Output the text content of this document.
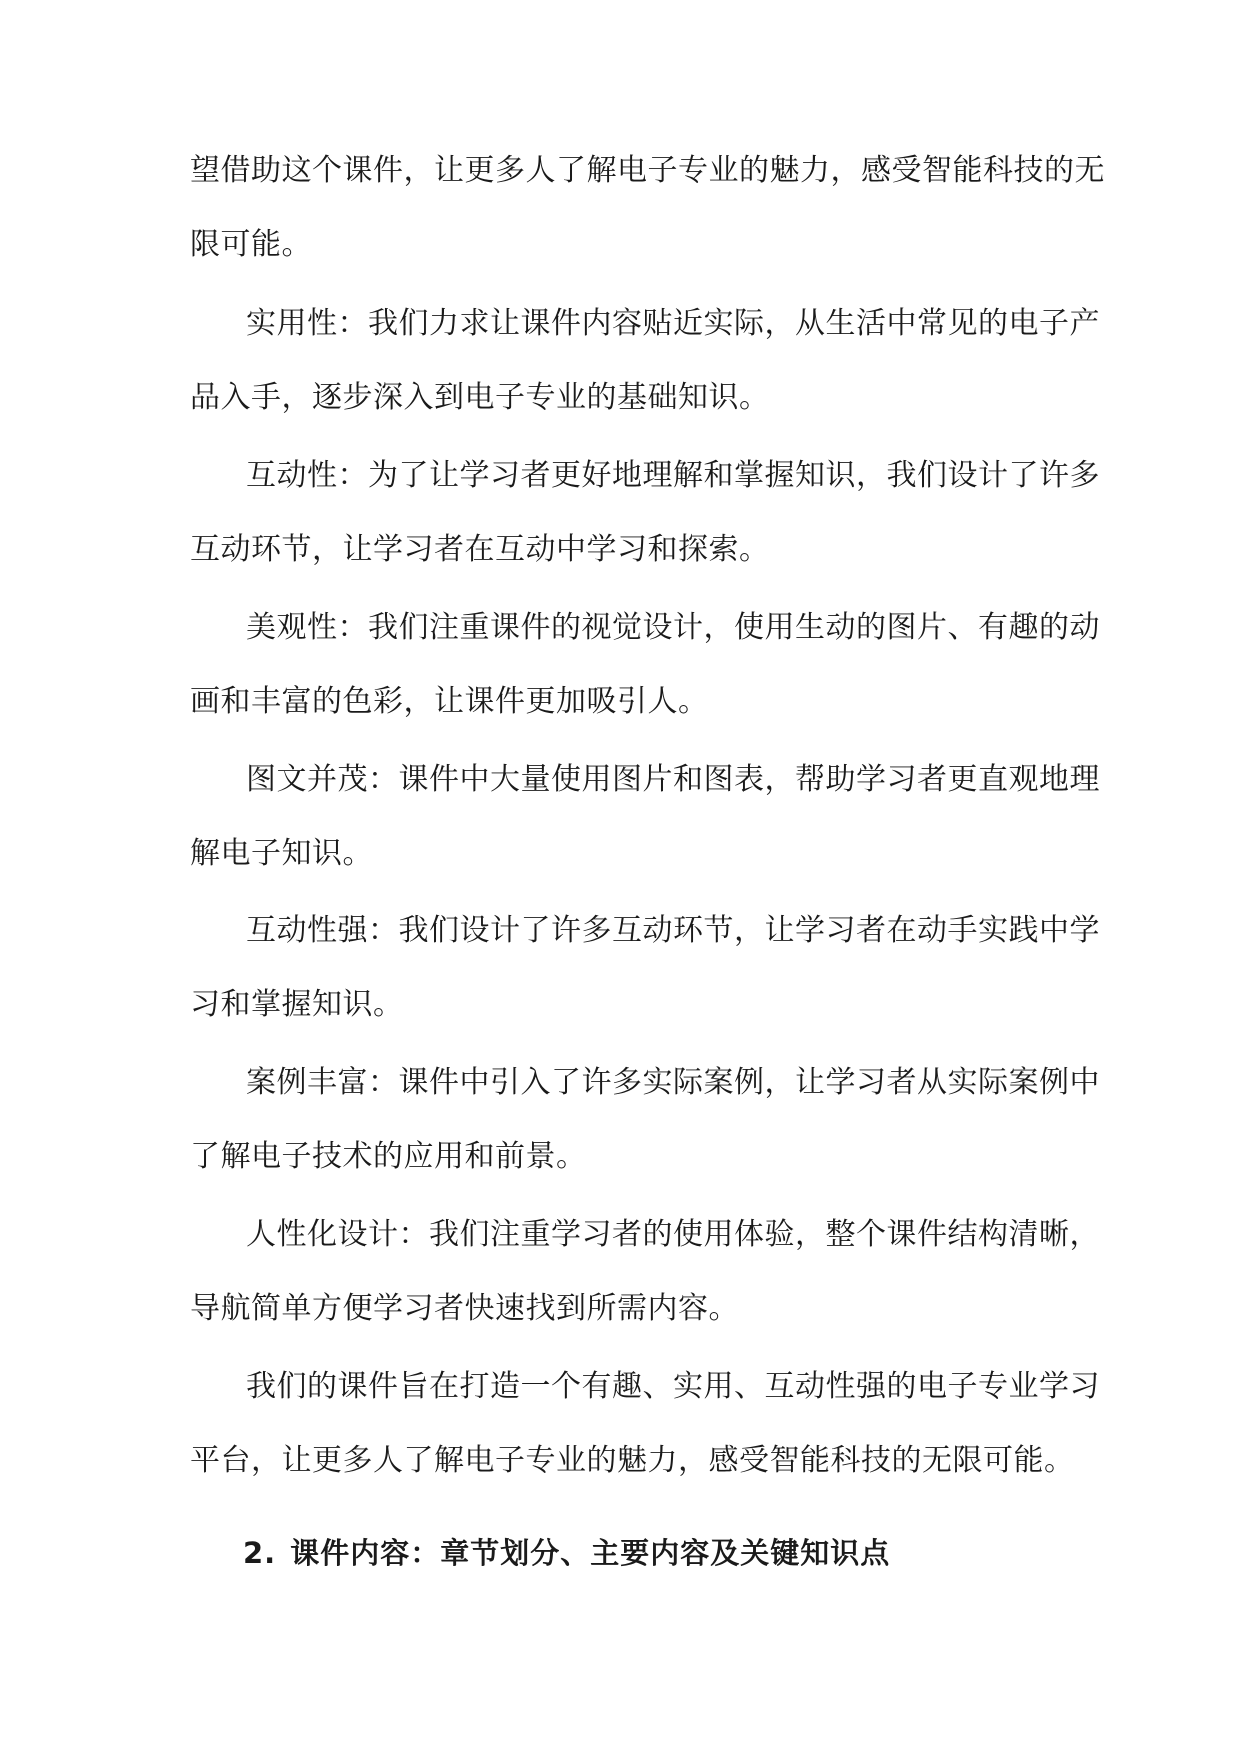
望借助这个课件，让更多人了解电子专业的魅力，感受智能科技的无
限可能。
实用性：我们力求让课件内容贴近实际，从生活中常见的电子产
品入手，逐步深入到电子专业的基础知识。
互动性：为了让学习者更好地理解和掌握知识，我们设计了许多
互动环节，让学习者在互动中学习和探索。
美观性：我们注重课件的视觉设计，使用生动的图片、有趣的动
画和丰富的色彩，让课件更加吸引人。
图文并茂：课件中大量使用图片和图表，帮助学习者更直观地理
解电子知识。
互动性强：我们设计了许多互动环节，让学习者在动手实践中学
习和掌握知识。
案例丰富：课件中引入了许多实际案例，让学习者从实际案例中
了解电子技术的应用和前景。
人性化设计：我们注重学习者的使用体验，整个课件结构清晰，
导航简单方便学习者快速找到所需内容。
我们的课件旨在打造一个有趣、实用、互动性强的电子专业学习
平台，让更多人了解电子专业的魅力，感受智能科技的无限可能。
2. 课件内容：章节划分、主要内容及关键知识点
